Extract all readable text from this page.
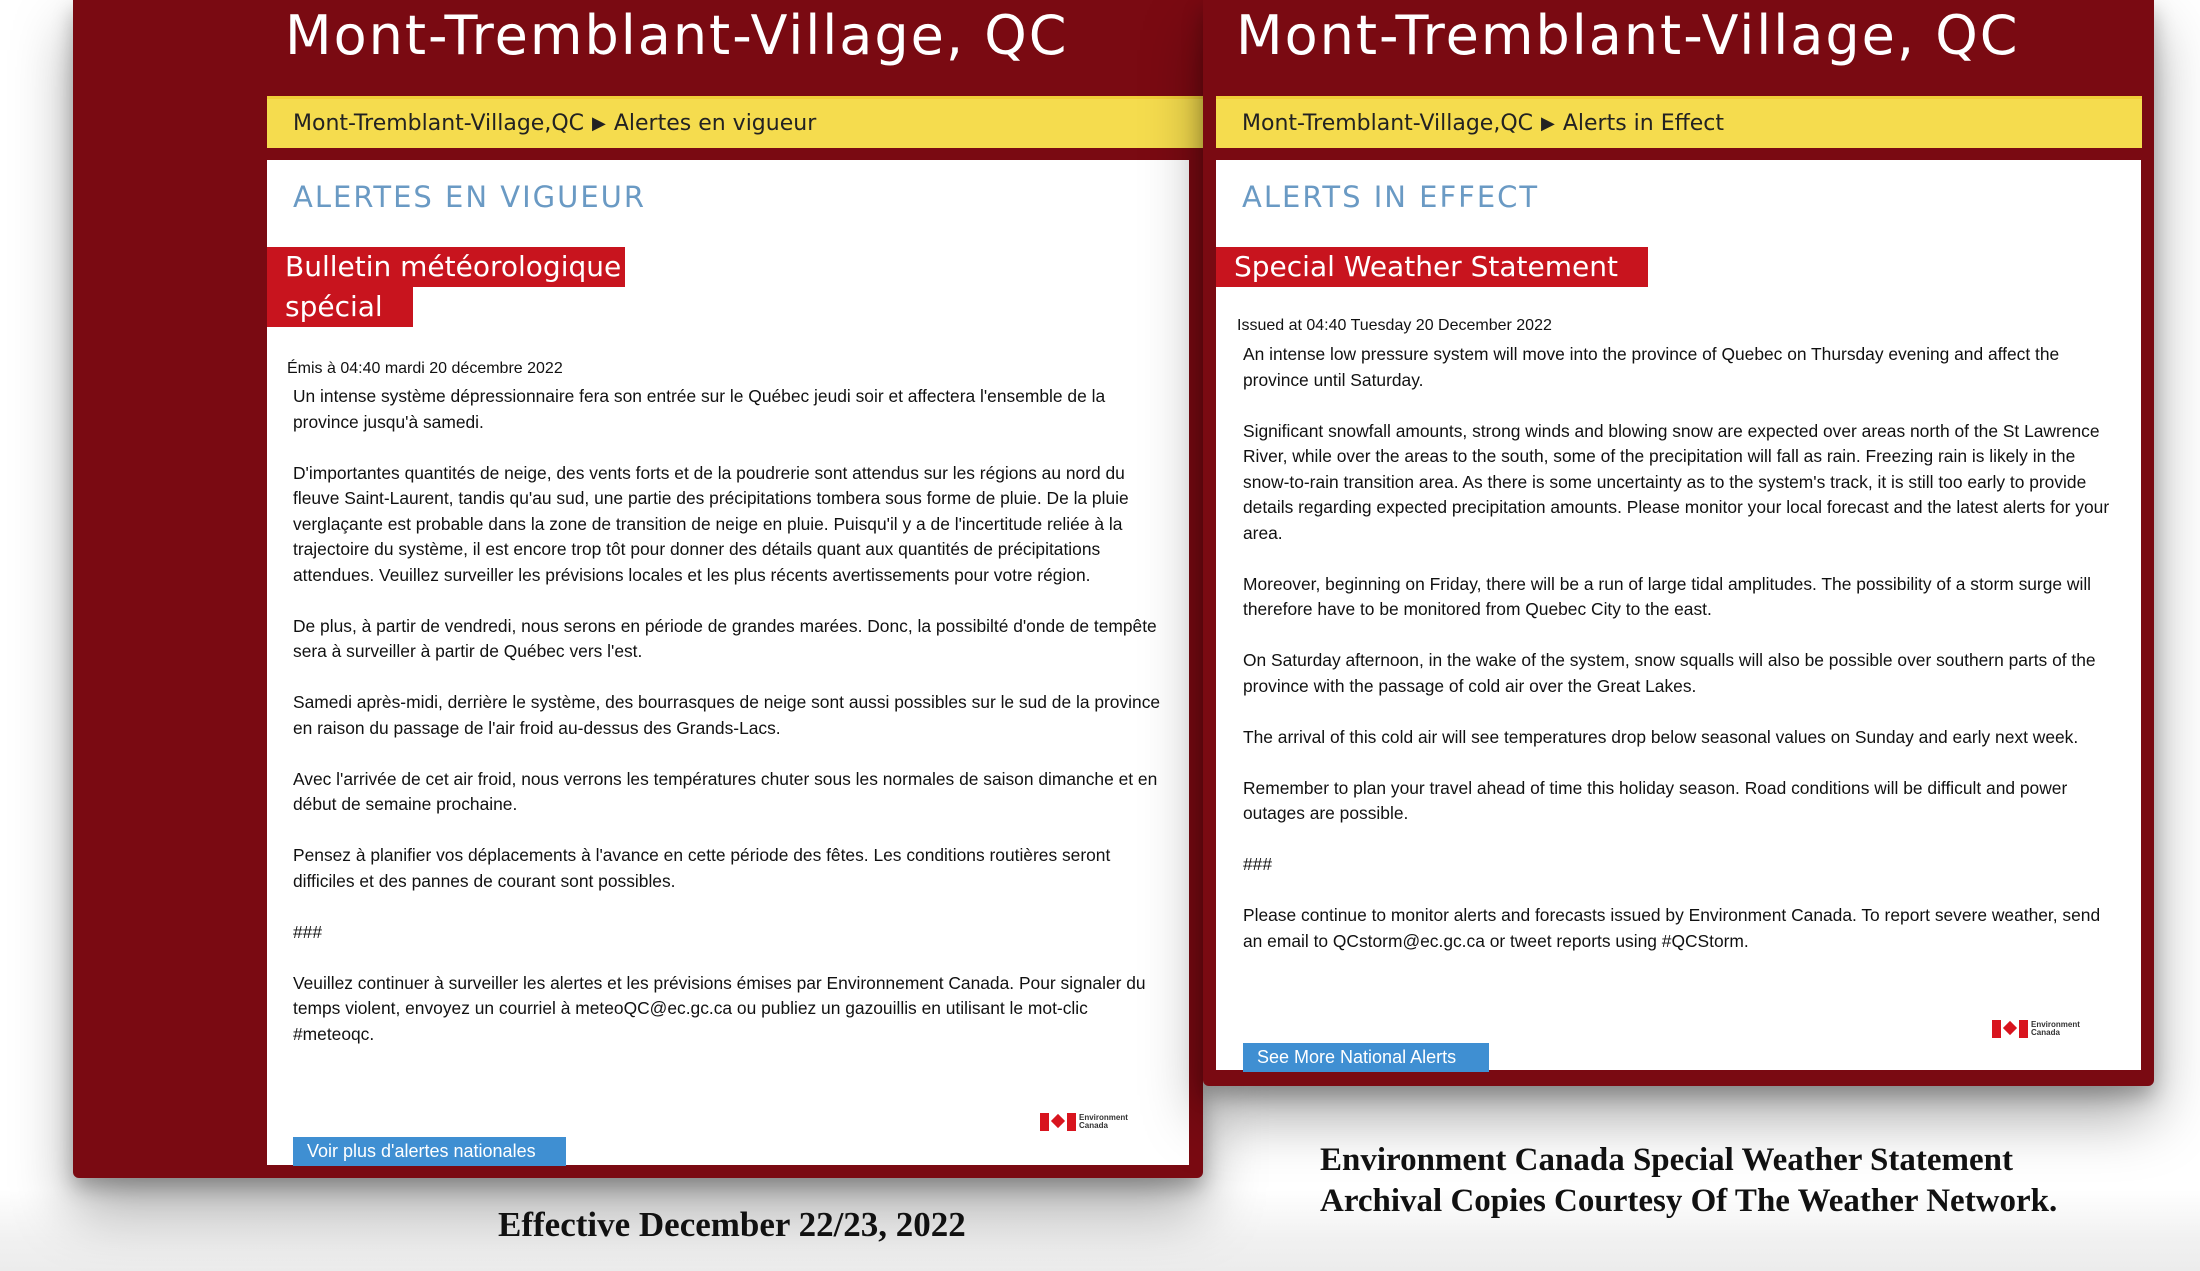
Mont-Tremblant-Village, QC
Mont-Tremblant-Village,QC ▶ Alertes en vigueur
ALERTES EN VIGUEUR
Bulletin météorologique
spécial
Émis à 04:40 mardi 20 décembre 2022

Un intense système dépressionnaire fera son entrée sur le Québec jeudi soir et affectera l'ensemble de la province jusqu'à samedi.

D'importantes quantités de neige, des vents forts et de la poudrerie sont attendus sur les régions au nord du fleuve Saint-Laurent, tandis qu'au sud, une partie des précipitations tombera sous forme de pluie. De la pluie verglaçante est probable dans la zone de transition de neige en pluie. Puisqu'il y a de l'incertitude reliée à la trajectoire du système, il est encore trop tôt pour donner des détails quant aux quantités de précipitations attendues. Veuillez surveiller les prévisions locales et les plus récents avertissements pour votre région.

De plus, à partir de vendredi, nous serons en période de grandes marées. Donc, la possibilté d'onde de tempête sera à surveiller à partir de Québec vers l'est.

Samedi après-midi, derrière le système, des bourrasques de neige sont aussi possibles sur le sud de la province en raison du passage de l'air froid au-dessus des Grands-Lacs.

Avec l'arrivée de cet air froid, nous verrons les températures chuter sous les normales de saison dimanche et en début de semaine prochaine.

Pensez à planifier vos déplacements à l'avance en cette période des fêtes. Les conditions routières seront difficiles et des pannes de courant sont possibles.

###

Veuillez continuer à surveiller les alertes et les prévisions émises par Environnement Canada. Pour signaler du temps violent, envoyez un courriel à meteoQC@ec.gc.ca ou publiez un gazouillis en utilisant le mot-clic #meteoqc.

Environment
Canada
Voir plus d'alertes nationales
Mont-Tremblant-Village, QC
Mont-Tremblant-Village,QC ▶ Alerts in Effect
ALERTS IN EFFECT
Special Weather Statement
Issued at 04:40 Tuesday 20 December 2022

An intense low pressure system will move into the province of Quebec on Thursday evening and affect the province until Saturday.

Significant snowfall amounts, strong winds and blowing snow are expected over areas north of the St Lawrence River, while over the areas to the south, some of the precipitation will fall as rain. Freezing rain is likely in the snow-to-rain transition area. As there is some uncertainty as to the system's track, it is still too early to provide details regarding expected precipitation amounts. Please monitor your local forecast and the latest alerts for your area.

Moreover, beginning on Friday, there will be a run of large tidal amplitudes. The possibility of a storm surge will therefore have to be monitored from Quebec City to the east.

On Saturday afternoon, in the wake of the system, snow squalls will also be possible over southern parts of the province with the passage of cold air over the Great Lakes.

The arrival of this cold air will see temperatures drop below seasonal values on Sunday and early next week.

Remember to plan your travel ahead of time this holiday season. Road conditions will be difficult and power outages are possible.

###

Please continue to monitor alerts and forecasts issued by Environment Canada. To report severe weather, send an email to QCstorm@ec.gc.ca or tweet reports using #QCStorm.

Environment
Canada
See More National Alerts
Effective December 22/23, 2022
Environment Canada Special Weather Statement
Archival Copies Courtesy Of The Weather Network.
